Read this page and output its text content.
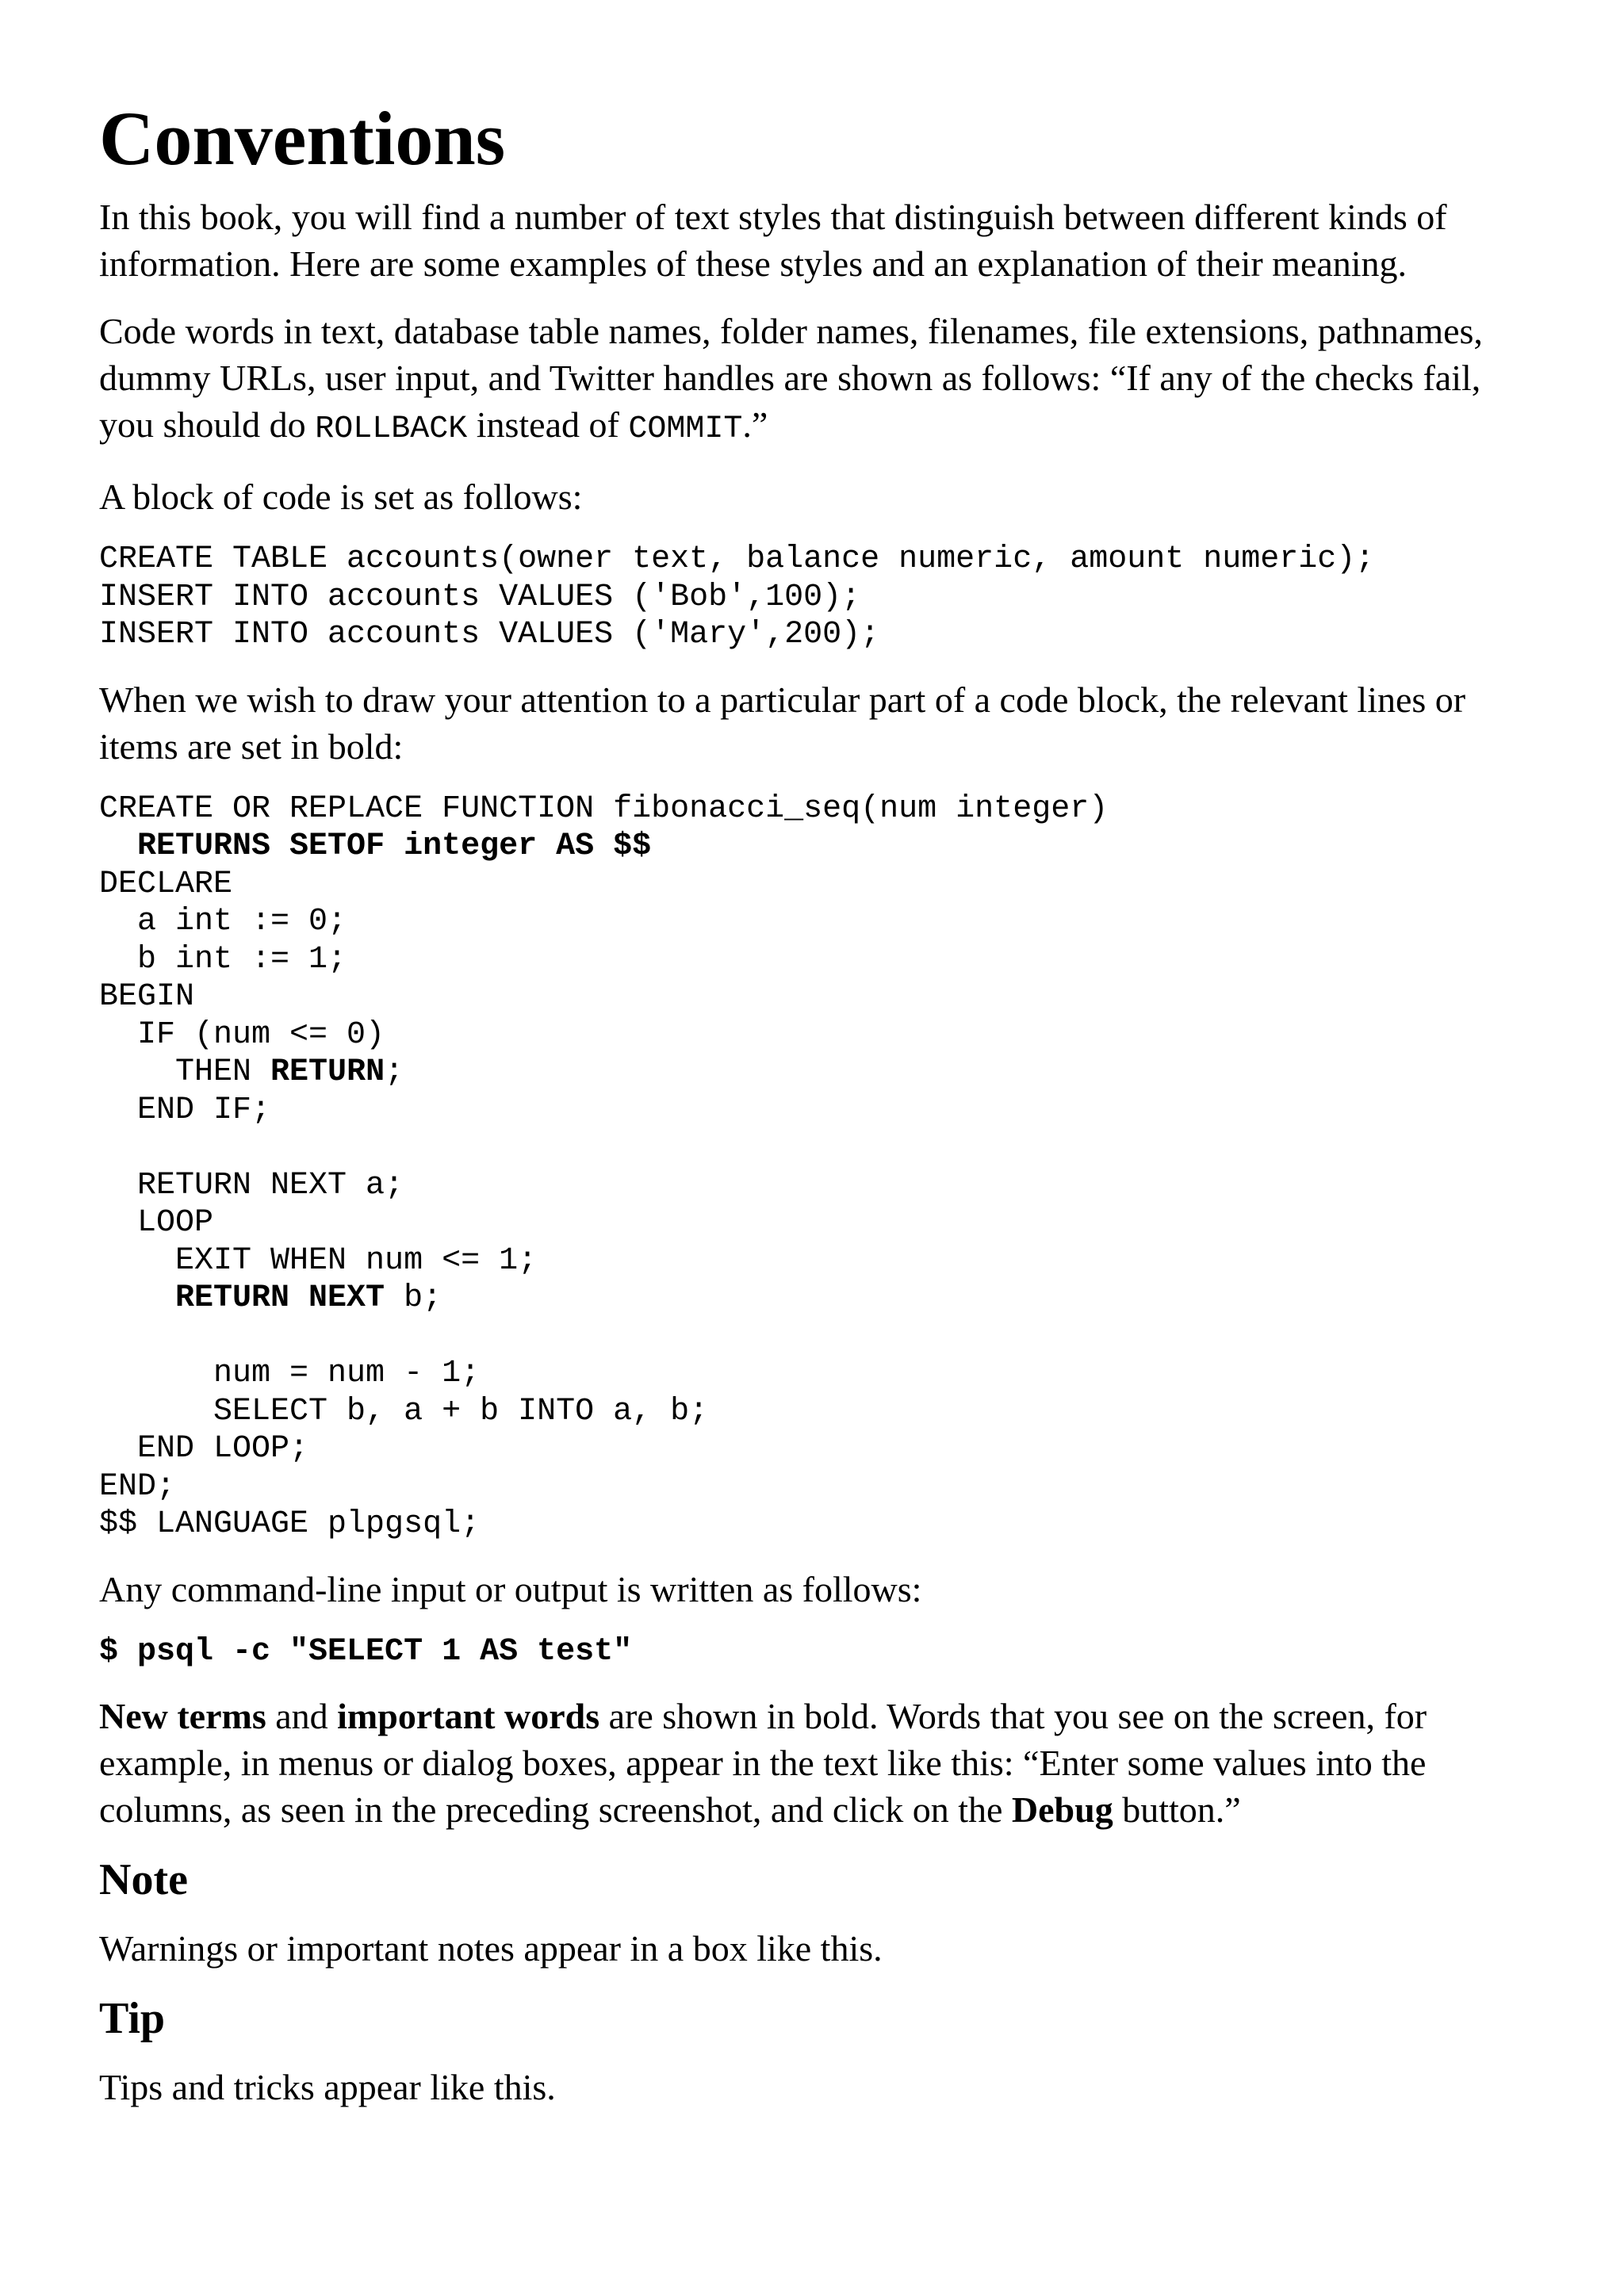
Conventions

In this book, you will find a number of text styles that distinguish between different kinds of information. Here are some examples of these styles and an explanation of their meaning.

Code words in text, database table names, folder names, filenames, file extensions, pathnames, dummy URLs, user input, and Twitter handles are shown as follows: “If any of the checks fail, you should do ROLLBACK instead of COMMIT.”

A block of code is set as follows:

CREATE TABLE accounts(owner text, balance numeric, amount numeric);
INSERT INTO accounts VALUES ('Bob',100);
INSERT INTO accounts VALUES ('Mary',200);

When we wish to draw your attention to a particular part of a code block, the relevant lines or items are set in bold:

CREATE OR REPLACE FUNCTION fibonacci_seq(num integer)
RETURNS SETOF integer AS $$
DECLARE
a int := 0;
b int := 1;
BEGIN
IF (num <= 0)
THEN RETURN;
END IF;
RETURN NEXT a;
LOOP
EXIT WHEN num <= 1;
RETURN NEXT b;
num = num - 1;
SELECT b, a + b INTO a, b;
END LOOP;
END;
$$ LANGUAGE plpgsql;

Any command-line input or output is written as follows:

$ psql -c "SELECT 1 AS test"

New terms and important words are shown in bold. Words that you see on the screen, for example, in menus or dialog boxes, appear in the text like this: “Enter some values into the columns, as seen in the preceding screenshot, and click on the Debug button.”

Note

Warnings or important notes appear in a box like this.

Tip

Tips and tricks appear like this.
